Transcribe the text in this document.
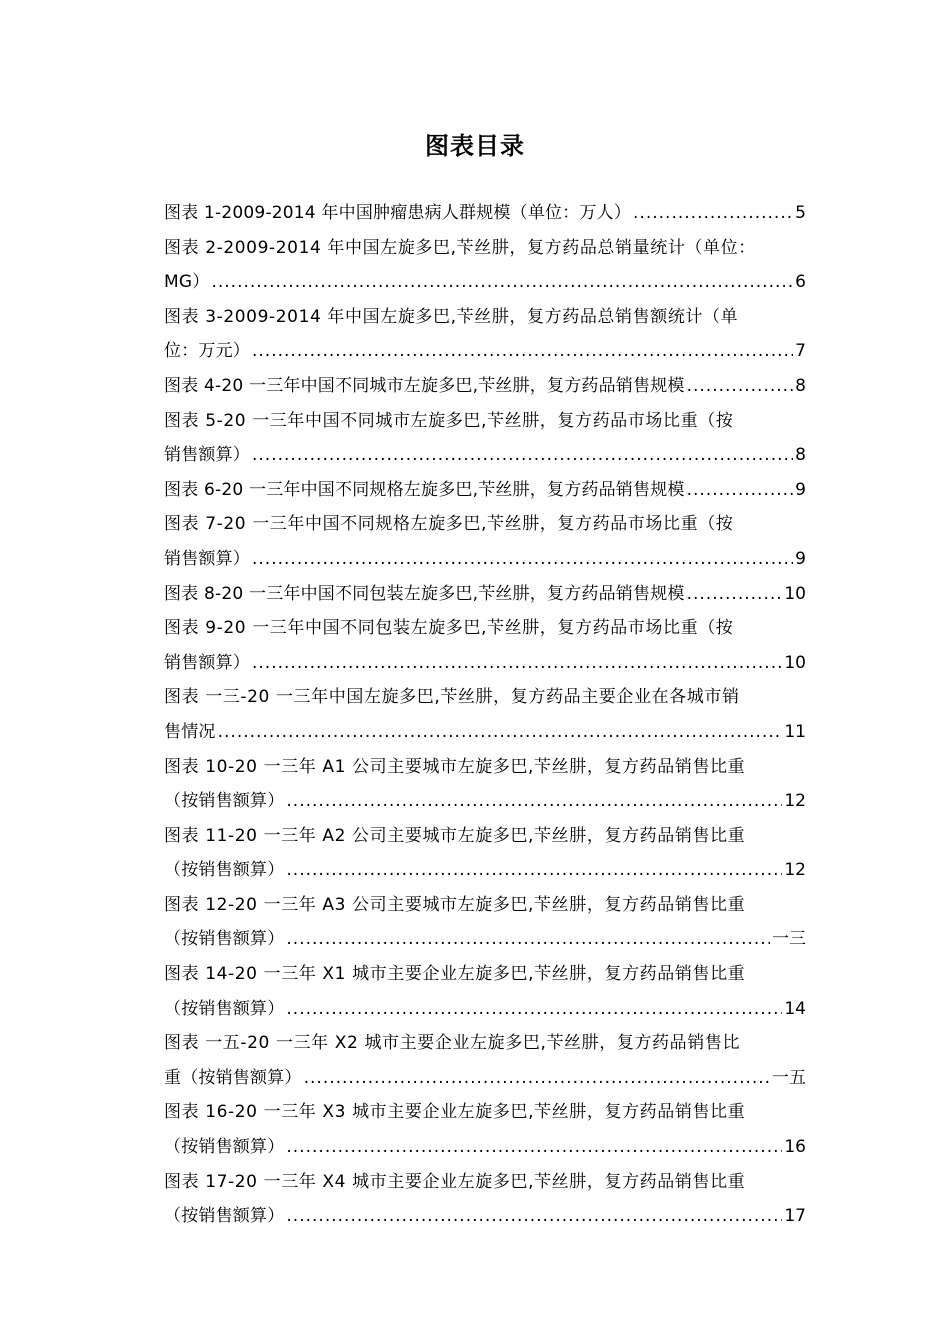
图表目录
图表 1-2009-2014 年中国肿瘤患病人群规模（单位：万人） .....	5
图表 2-2009-2014 年中国左旋多巴,苄丝肼，复方药品总销量统计（单位：
MG） .....	6
图表 3-2009-2014 年中国左旋多巴,苄丝肼，复方药品总销售额统计（单
位：万元） .....	7
图表 4-20 一三年中国不同城市左旋多巴,苄丝肼，复方药品销售规模 .....	8
图表 5-20 一三年中国不同城市左旋多巴,苄丝肼，复方药品市场比重（按
销售额算） .....	8
图表 6-20 一三年中国不同规格左旋多巴,苄丝肼，复方药品销售规模 .....	9
图表 7-20 一三年中国不同规格左旋多巴,苄丝肼，复方药品市场比重（按
销售额算） .....	9
图表 8-20 一三年中国不同包装左旋多巴,苄丝肼，复方药品销售规模 .....	10
图表 9-20 一三年中国不同包装左旋多巴,苄丝肼，复方药品市场比重（按
销售额算） .....	10
图表 一三-20 一三年中国左旋多巴,苄丝肼，复方药品主要企业在各城市销
售情况 .....	11
图表 10-20 一三年 A1 公司主要城市左旋多巴,苄丝肼，复方药品销售比重
（按销售额算） .....	12
图表 11-20 一三年 A2 公司主要城市左旋多巴,苄丝肼，复方药品销售比重
（按销售额算） .....	12
图表 12-20 一三年 A3 公司主要城市左旋多巴,苄丝肼，复方药品销售比重
（按销售额算） .....	一三
图表 14-20 一三年 X1 城市主要企业左旋多巴,苄丝肼，复方药品销售比重
（按销售额算） .....	14
图表 一五-20 一三年 X2 城市主要企业左旋多巴,苄丝肼，复方药品销售比
重（按销售额算） .....	一五
图表 16-20 一三年 X3 城市主要企业左旋多巴,苄丝肼，复方药品销售比重
（按销售额算） .....	16
图表 17-20 一三年 X4 城市主要企业左旋多巴,苄丝肼，复方药品销售比重
（按销售额算） .....	17
